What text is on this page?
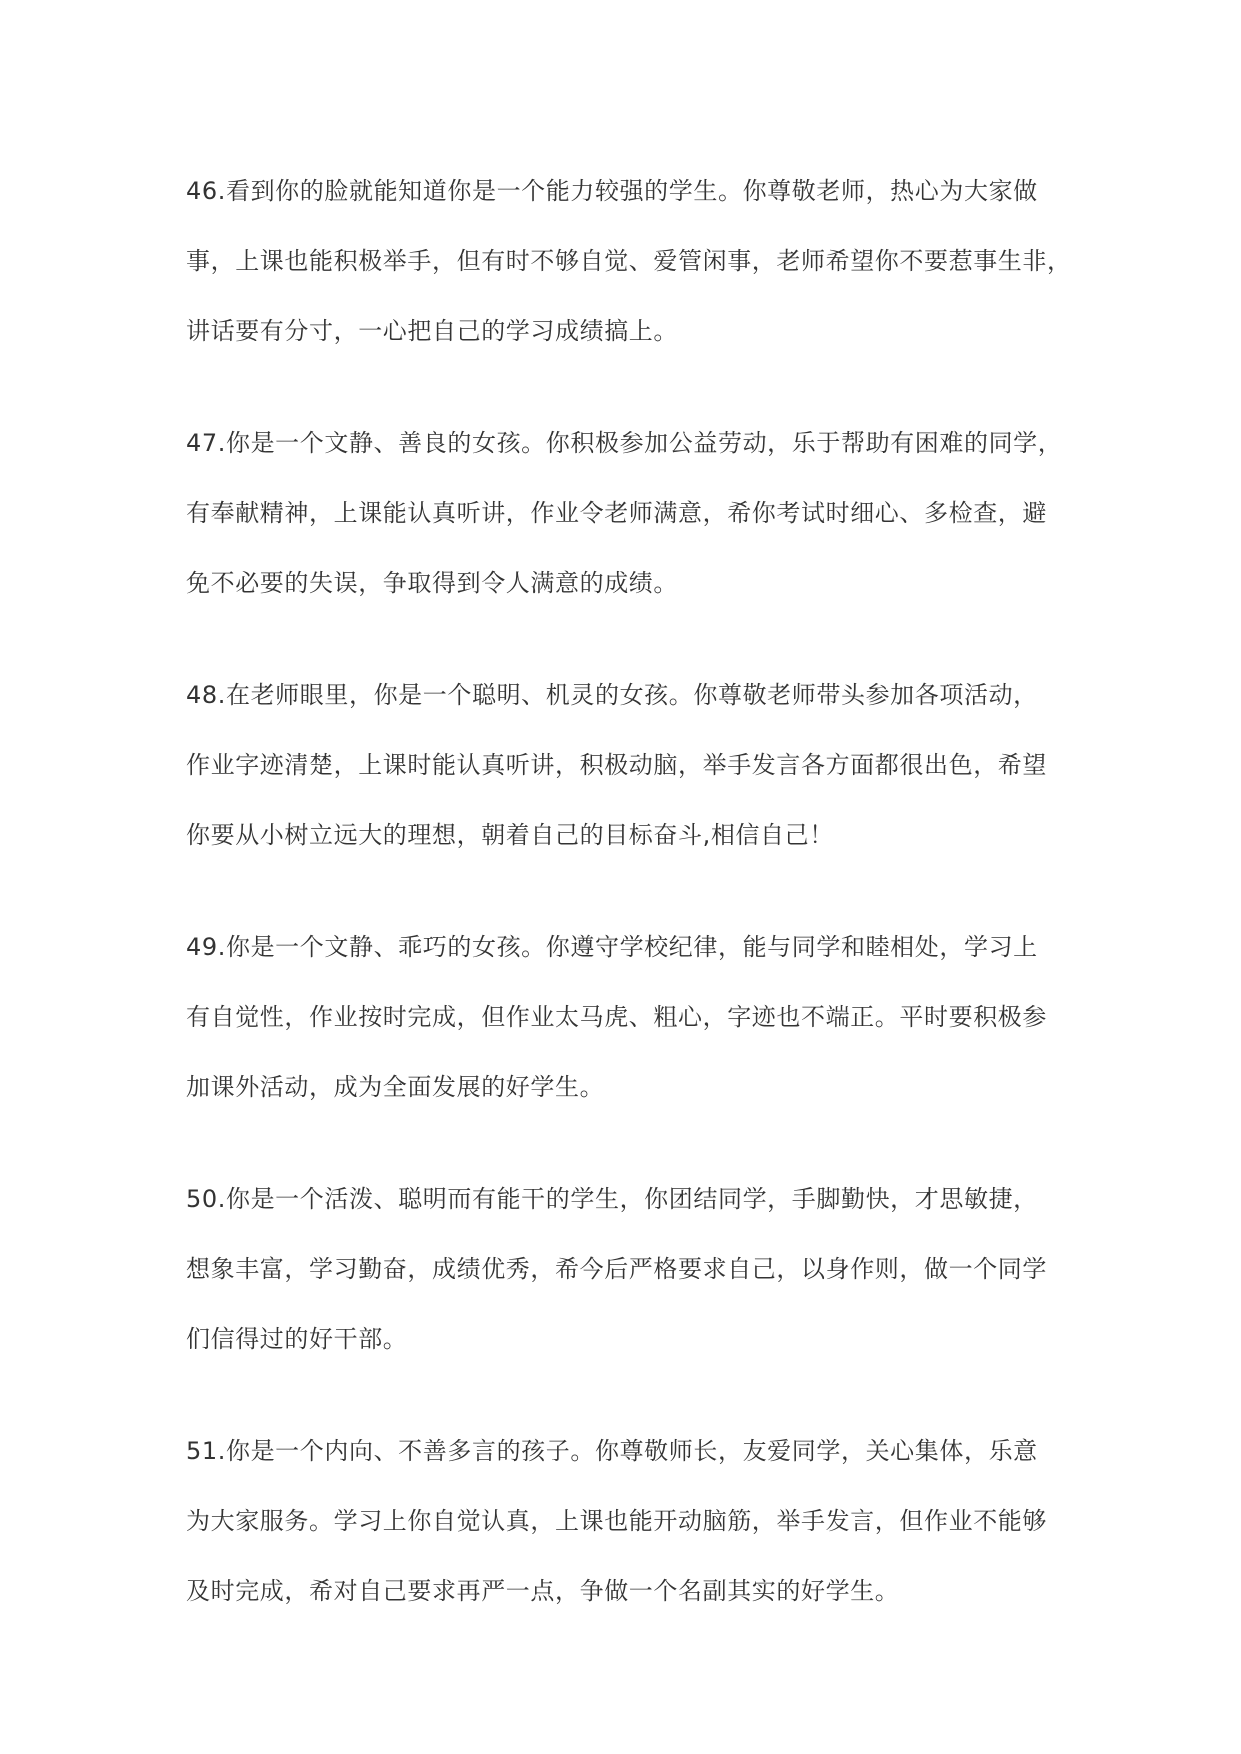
46.看到你的脸就能知道你是一个能力较强的学生。你尊敬老师，热心为大家做
事，上课也能积极举手，但有时不够自觉、爱管闲事，老师希望你不要惹事生非，
讲话要有分寸，一心把自己的学习成绩搞上。
47.你是一个文静、善良的女孩。你积极参加公益劳动，乐于帮助有困难的同学，
有奉献精神，上课能认真听讲，作业令老师满意，希你考试时细心、多检查，避
免不必要的失误，争取得到令人满意的成绩。
48.在老师眼里，你是一个聪明、机灵的女孩。你尊敬老师带头参加各项活动，
作业字迹清楚，上课时能认真听讲，积极动脑，举手发言各方面都很出色，希望
你要从小树立远大的理想，朝着自己的目标奋斗,相信自己！
49.你是一个文静、乖巧的女孩。你遵守学校纪律，能与同学和睦相处，学习上
有自觉性，作业按时完成，但作业太马虎、粗心，字迹也不端正。平时要积极参
加课外活动，成为全面发展的好学生。
50.你是一个活泼、聪明而有能干的学生，你团结同学，手脚勤快，才思敏捷，
想象丰富，学习勤奋，成绩优秀，希今后严格要求自己，以身作则，做一个同学
们信得过的好干部。
51.你是一个内向、不善多言的孩子。你尊敬师长，友爱同学，关心集体，乐意
为大家服务。学习上你自觉认真，上课也能开动脑筋，举手发言，但作业不能够
及时完成，希对自己要求再严一点，争做一个名副其实的好学生。
